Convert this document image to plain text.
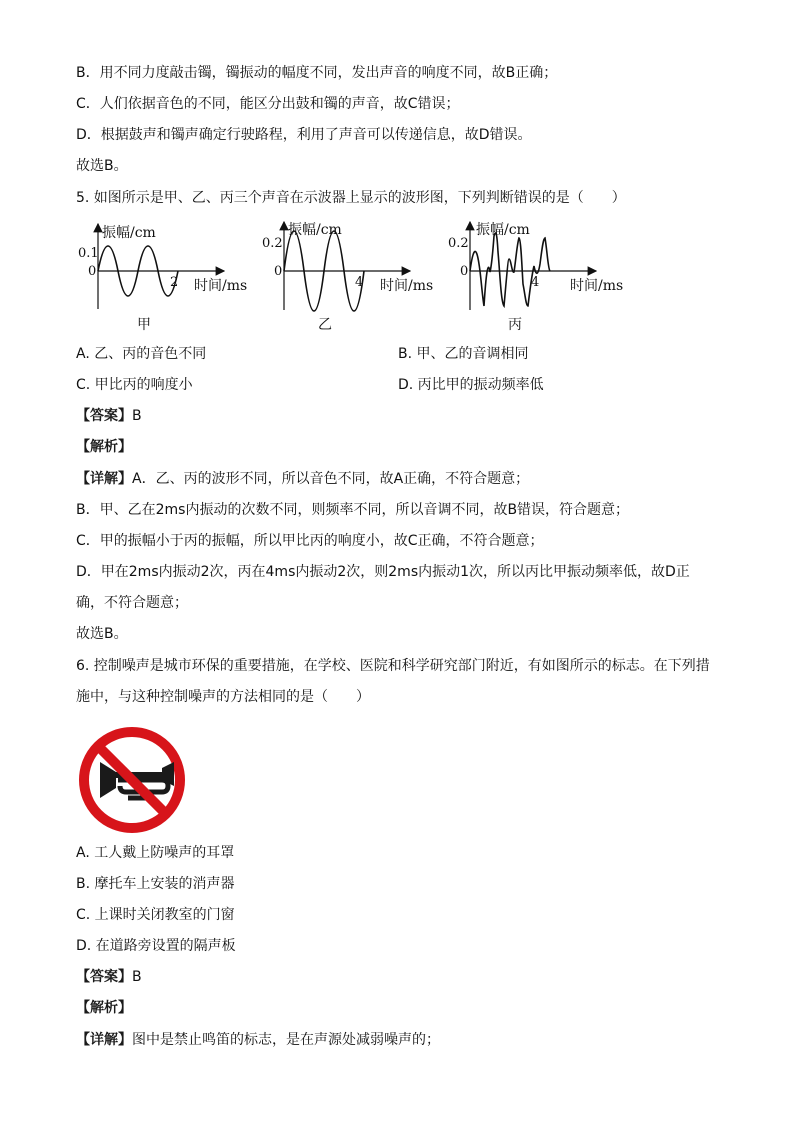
B．用不同力度敲击镯，镯振动的幅度不同，发出声音的响度不同，故B正确；
C．人们依据音色的不同，能区分出鼓和镯的声音，故C错误；
D．根据鼓声和镯声确定行驶路程，利用了声音可以传递信息，故D错误。
故选B。
5. 如图所示是甲、乙、丙三个声音在示波器上显示的波形图，下列判断错误的是（　　）
振幅/cm
0.1
0
2 时间/ms
甲
振幅/cm
0.2
0
4 时间/ms
乙
振幅/cm
0.2
0
4 时间/ms
丙
A. 乙、丙的音色不同	B. 甲、乙的音调相同
C. 甲比丙的响度小	D. 丙比甲的振动频率低
【答案】B
【解析】
【详解】A．乙、丙的波形不同，所以音色不同，故A正确，不符合题意；
B．甲、乙在2ms内振动的次数不同，则频率不同，所以音调不同，故B错误，符合题意；
C．甲的振幅小于丙的振幅，所以甲比丙的响度小，故C正确，不符合题意；
D．甲在2ms内振动2次，丙在4ms内振动2次，则2ms内振动1次，所以丙比甲振动频率低，故D正
确，不符合题意；
故选B。
6. 控制噪声是城市环保的重要措施，在学校、医院和科学研究部门附近，有如图所示的标志。在下列措
施中，与这种控制噪声的方法相同的是（　　）
A. 工人戴上防噪声的耳罩
B. 摩托车上安装的消声器
C. 上课时关闭教室的门窗
D. 在道路旁设置的隔声板
【答案】B
【解析】
【详解】图中是禁止鸣笛的标志，是在声源处减弱噪声的；
